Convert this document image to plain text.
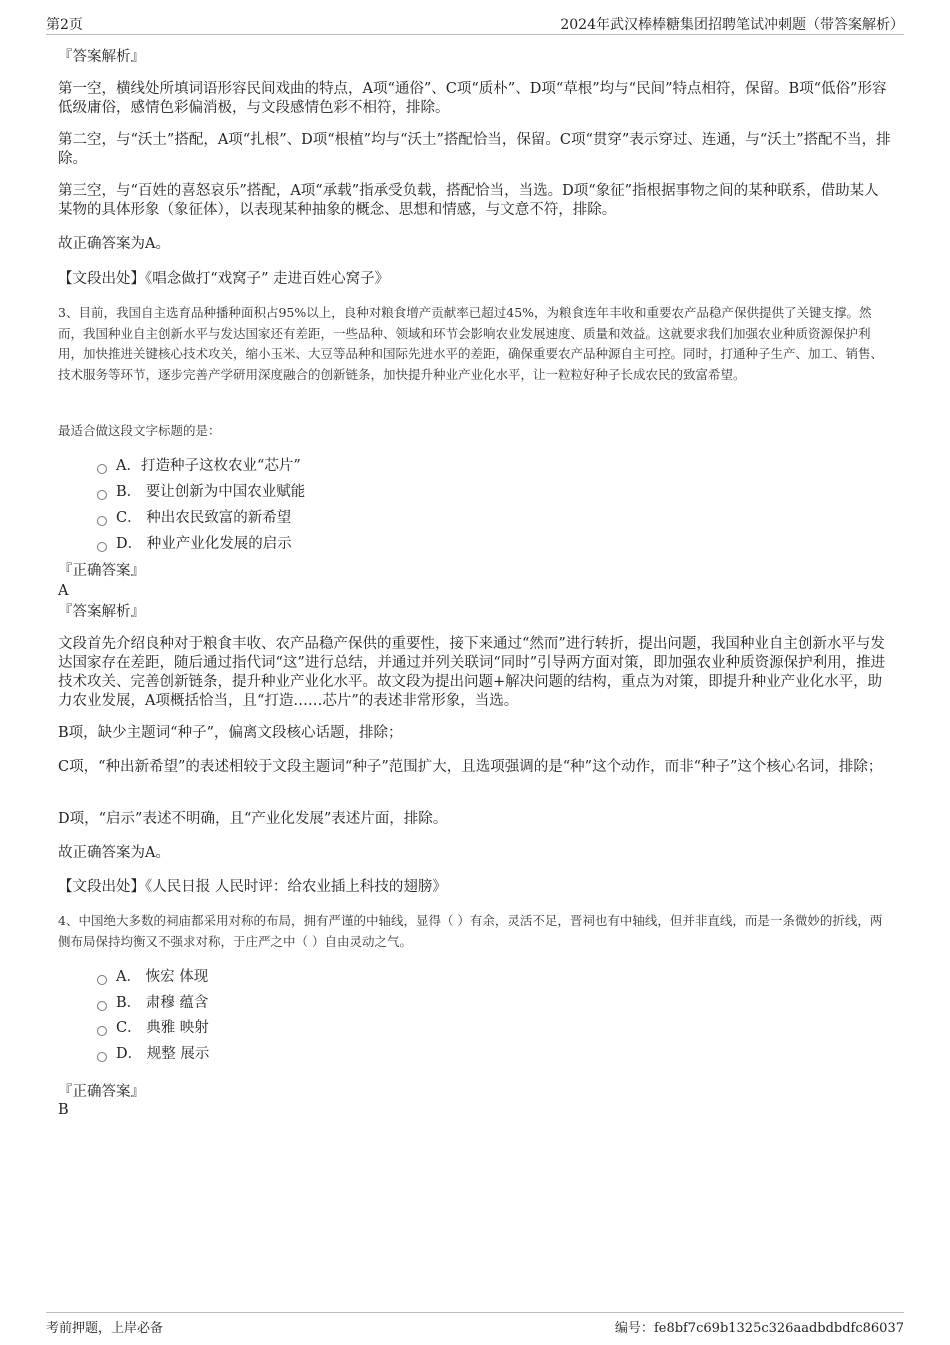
第2页	2024年武汉棒棒糖集团招聘笔试冲刺题（带答案解析）
『答案解析』

第一空，横线处所填词语形容民间戏曲的特点，A项“通俗”、C项“质朴”、D项“草根”均与“民间”特点相符，保留。B项“低俗”形容低级庸俗，感情色彩偏消极，与文段感情色彩不相符，排除。

第二空，与“沃土”搭配，A项“扎根”、D项“根植”均与“沃土”搭配恰当，保留。C项“贯穿”表示穿过、连通，与“沃土”搭配不当，排除。

第三空，与“百姓的喜怒哀乐”搭配，A项“承载”指承受负载，搭配恰当，当选。D项“象征”指根据事物之间的某种联系，借助某人某物的具体形象（象征体），以表现某种抽象的概念、思想和情感，与文意不符，排除。

故正确答案为A。

【文段出处】《唱念做打“戏窝子” 走进百姓心窝子》

3、目前，我国自主选育品种播种面积占95%以上，良种对粮食增产贡献率已超过45%，为粮食连年丰收和重要农产品稳产保供提供了关键支撑。然而，我国种业自主创新水平与发达国家还有差距，一些品种、领域和环节会影响农业发展速度、质量和效益。这就要求我们加强农业种质资源保护利用，加快推进关键核心技术攻关，缩小玉米、大豆等品种和国际先进水平的差距，确保重要农产品种源自主可控。同时，打通种子生产、加工、销售、技术服务等环节，逐步完善产学研用深度融合的创新链条，加快提升种业产业化水平，让一粒粒好种子长成农民的致富希望。

最适合做这段文字标题的是：

A．打造种子这枚农业“芯片”
B． 要让创新为中国农业赋能
C． 种出农民致富的新希望
D． 种业产业化发展的启示
『正确答案』
A
『答案解析』

文段首先介绍良种对于粮食丰收、农产品稳产保供的重要性，接下来通过“然而”进行转折，提出问题，我国种业自主创新水平与发达国家存在差距，随后通过指代词“这”进行总结，并通过并列关联词“同时”引导两方面对策，即加强农业种质资源保护利用，推进技术攻关、完善创新链条，提升种业产业化水平。故文段为提出问题+解决问题的结构，重点为对策，即提升种业产业化水平，助力农业发展，A项概括恰当，且“打造……芯片”的表述非常形象，当选。

B项，缺少主题词“种子”，偏离文段核心话题，排除；

C项，“种出新希望”的表述相较于文段主题词“种子”范围扩大，且选项强调的是“种”这个动作，而非“种子”这个核心名词，排除；

D项，“启示”表述不明确，且“产业化发展”表述片面，排除。

故正确答案为A。

【文段出处】《人民日报 人民时评：给农业插上科技的翅膀》

4、中国绝大多数的祠庙都采用对称的布局，拥有严谨的中轴线，显得（ ）有余，灵活不足，晋祠也有中轴线，但并非直线，而是一条微妙的折线，两侧布局保持均衡又不强求对称，于庄严之中（ ）自由灵动之气。

A． 恢宏 体现
B． 肃穆 蕴含
C． 典雅 映射
D． 规整 展示
『正确答案』
B
考前押题，上岸必备	编号：fe8bf7c69b1325c326aadbdbdfc86037
